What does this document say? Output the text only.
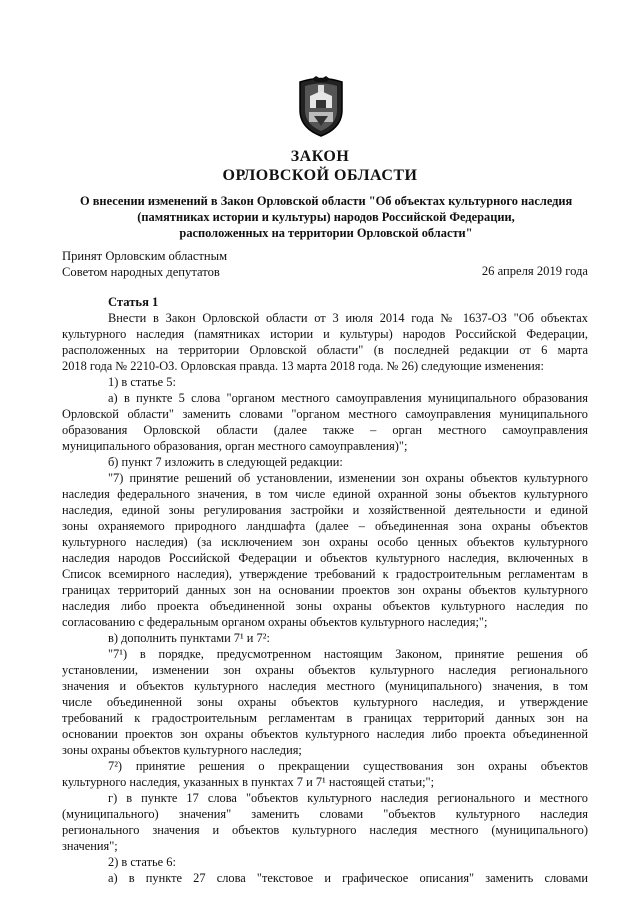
ЗАКОН
ОРЛОВСКОЙ ОБЛАСТИ
О внесении изменений в Закон Орловской области "Об объектах культурного наследия
(памятниках истории и культуры) народов Российской Федерации,
расположенных на территории Орловской области"
Принят Орловским областным
Советом народных депутатов	26 апреля 2019 года
Статья 1
Внести в Закон Орловской области от 3 июля 2014 года № 1637-ОЗ "Об объектах
культурного наследия (памятниках истории и культуры) народов Российской Федерации,
расположенных на территории Орловской области" (в последней редакции от 6 марта
2018 года № 2210-ОЗ. Орловская правда. 13 марта 2018 года. № 26) следующие изменения:
1) в статье 5:
а) в пункте 5 слова "органом местного самоуправления муниципального образования
Орловской области" заменить словами "органом местного самоуправления муниципального
образования Орловской области (далее также – орган местного самоуправления
муниципального образования, орган местного самоуправления)";
б) пункт 7 изложить в следующей редакции:
"7) принятие решений об установлении, изменении зон охраны объектов культурного
наследия федерального значения, в том числе единой охранной зоны объектов культурного
наследия, единой зоны регулирования застройки и хозяйственной деятельности и единой
зоны охраняемого природного ландшафта (далее – объединенная зона охраны объектов
культурного наследия) (за исключением зон охраны особо ценных объектов культурного
наследия народов Российской Федерации и объектов культурного наследия, включенных в
Список всемирного наследия), утверждение требований к градостроительным регламентам в
границах территорий данных зон на основании проектов зон охраны объектов культурного
наследия либо проекта объединенной зоны охраны объектов культурного наследия по
согласованию с федеральным органом охраны объектов культурного наследия;";
в) дополнить пунктами 7¹ и 7²:
"7¹) в порядке, предусмотренном настоящим Законом, принятие решения об
установлении, изменении зон охраны объектов культурного наследия регионального
значения и объектов культурного наследия местного (муниципального) значения, в том
числе объединенной зоны охраны объектов культурного наследия, и утверждение
требований к градостроительным регламентам в границах территорий данных зон на
основании проектов зон охраны объектов культурного наследия либо проекта объединенной
зоны охраны объектов культурного наследия;
7²) принятие решения о прекращении существования зон охраны объектов
культурного наследия, указанных в пунктах 7 и 7¹ настоящей статьи;";
г) в пункте 17 слова "объектов культурного наследия регионального и местного
(муниципального) значения" заменить словами "объектов культурного наследия
регионального значения и объектов культурного наследия местного (муниципального)
значения";
2) в статье 6:
а) в пункте 27 слова "текстовое и графическое описания" заменить словами
